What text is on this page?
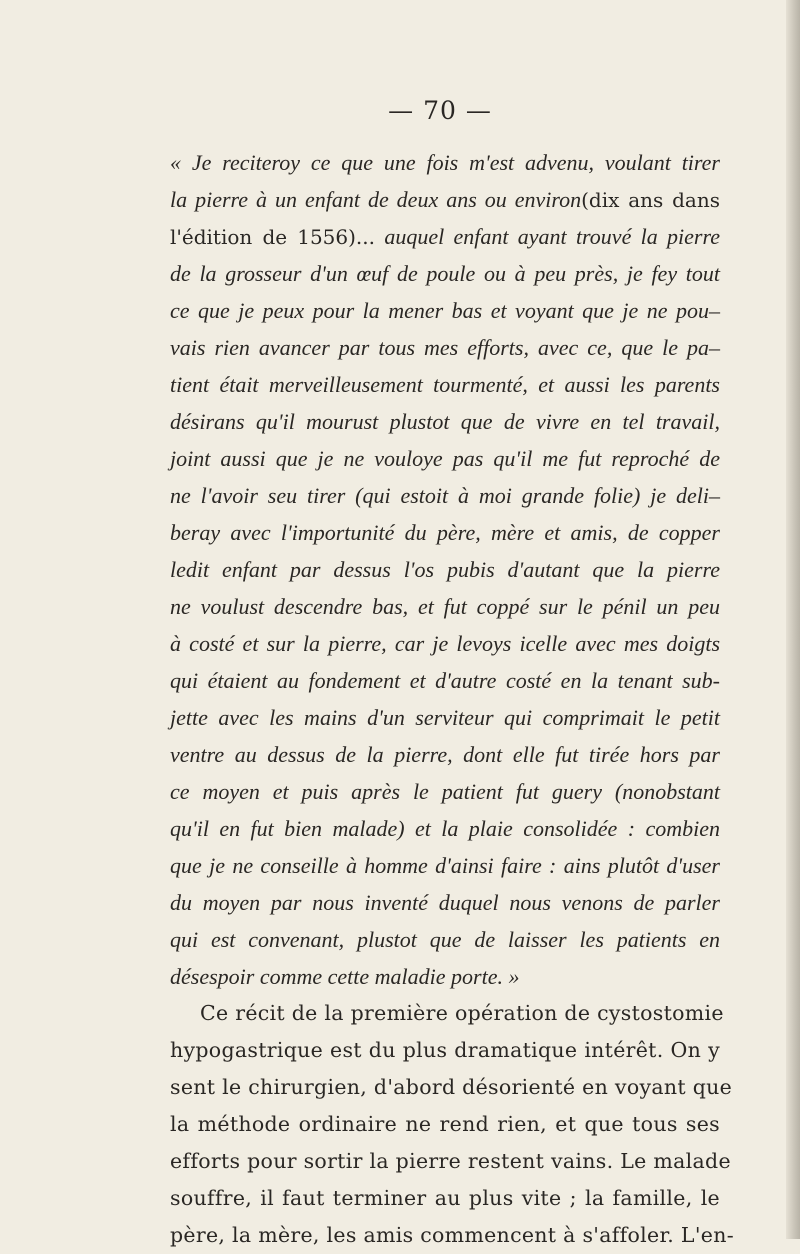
— 70 —
« Je reciteroy ce que une fois m'est advenu, voulant tirer
la pierre à un enfant de deux ans ou environ(dix ans dans
l'édition de 1556)... auquel enfant ayant trouvé la pierre
de la grosseur d'un œuf de poule ou à peu près, je fey tout
ce que je peux pour la mener bas et voyant que je ne pou–
vais rien avancer par tous mes efforts, avec ce, que le pa–
tient était merveilleusement tourmenté, et aussi les parents
désirans qu'il mourust plustot que de vivre en tel travail,
joint aussi que je ne vouloye pas qu'il me fut reproché de
ne l'avoir seu tirer (qui estoit à moi grande folie) je deli–
beray avec l'importunité du père, mère et amis, de copper
ledit enfant par dessus l'os pubis d'autant que la pierre
ne voulust descendre bas, et fut coppé sur le pénil un peu
à costé et sur la pierre, car je levoys icelle avec mes doigts
qui étaient au fondement et d'autre costé en la tenant sub-
jette avec les mains d'un serviteur qui comprimait le petit
ventre au dessus de la pierre, dont elle fut tirée hors par
ce moyen et puis après le patient fut guery (nonobstant
qu'il en fut bien malade) et la plaie consolidée : combien
que je ne conseille à homme d'ainsi faire : ains plutôt d'user
du moyen par nous inventé duquel nous venons de parler
qui est convenant, plustot que de laisser les patients en
désespoir comme cette maladie porte. »
Ce récit de la première opération de cystostomie
hypogastrique est du plus dramatique intérêt. On y
sent le chirurgien, d'abord désorienté en voyant que
la méthode ordinaire ne rend rien, et que tous ses
efforts pour sortir la pierre restent vains. Le malade
souffre, il faut terminer au plus vite ; la famille, le
père, la mère, les amis commencent à s'affoler. L'en-
